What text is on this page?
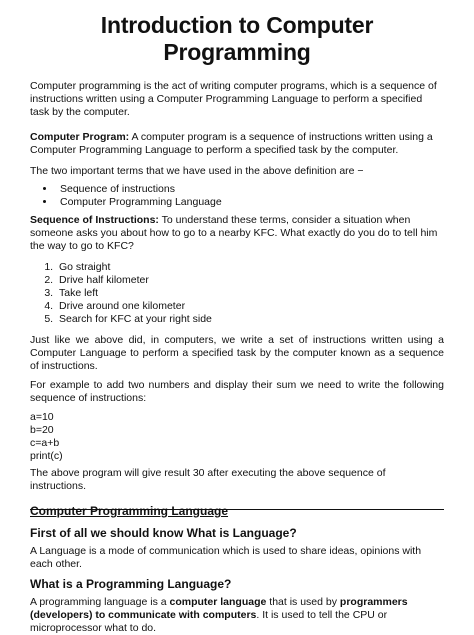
Introduction to Computer Programming

Computer programming is the act of writing computer programs, which is a sequence of instructions written using a Computer Programming Language to perform a specified task by the computer.

Computer Program: A computer program is a sequence of instructions written using a Computer Programming Language to perform a specified task by the computer.

The two important terms that we have used in the above definition are −

• Sequence of instructions
• Computer Programming Language

Sequence of Instructions: To understand these terms, consider a situation when someone asks you about how to go to a nearby KFC. What exactly do you do to tell him the way to go to KFC?

1. Go straight
2. Drive half kilometer
3. Take left
4. Drive around one kilometer
5. Search for KFC at your right side

Just like we above did, in computers, we write a set of instructions written using a Computer Language to perform a specified task by the computer known as a sequence of instructions.

For example to add two numbers and display their sum we need to write the following sequence of instructions:

a=10
b=20
c=a+b
print(c)

The above program will give result 30 after executing the above sequence of instructions.

Computer Programming Language
First of all we should know What is Language?

A Language is a mode of communication which is used to share ideas, opinions with each other.

What is a Programming Language?

A programming language is a computer language that is used by programmers (developers) to communicate with computers. It is used to tell the CPU or microprocessor what to do.
